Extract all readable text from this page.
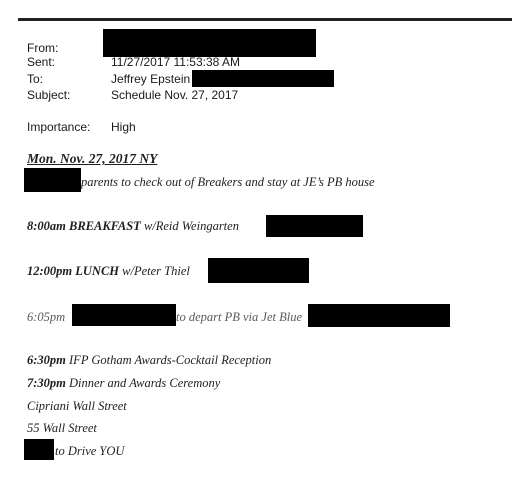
From:
Sent:	11/27/2017 11:53:38 AM
To:	Jeffrey Epstein
Subject:	Schedule Nov. 27, 2017
Importance: High
Mon. Nov. 27, 2017 NY
parents to check out of Breakers and stay at JE’s PB house
8:00am BREAKFAST w/Reid Weingarten
12:00pm LUNCH w/Peter Thiel
6:05pm	to depart PB via Jet Blue
6:30pm IFP Gotham Awards-Cocktail Reception
7:30pm Dinner and Awards Ceremony
Cipriani Wall Street
55 Wall Street
to Drive YOU
